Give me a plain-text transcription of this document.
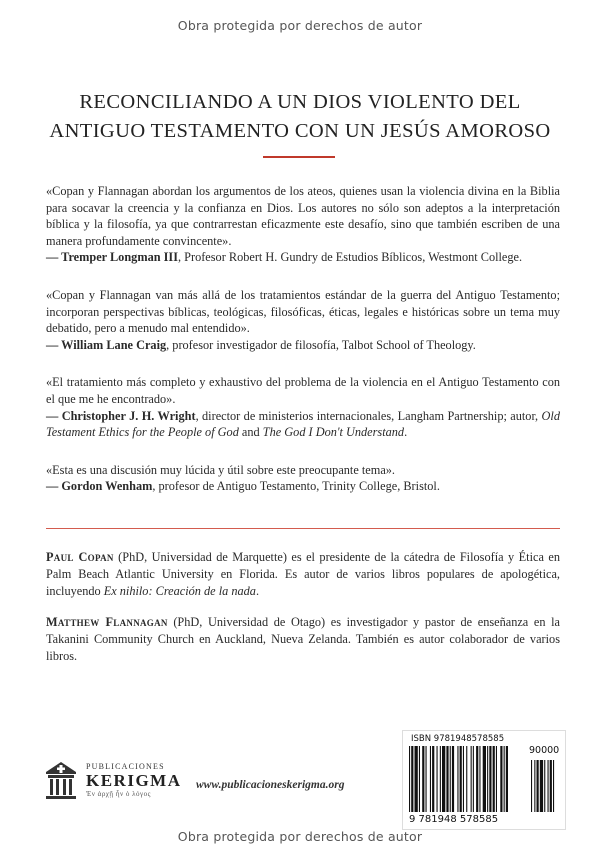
Obra protegida por derechos de autor
RECONCILIANDO A UN DIOS VIOLENTO DEL
ANTIGUO TESTAMENTO CON UN JESÚS AMOROSO

«Copan y Flannagan abordan los argumentos de los ateos, quienes usan la violencia divina en la Biblia para socavar la creencia y la confianza en Dios. Los autores no sólo son adeptos a la interpretación bíblica y la filosofía, ya que contrarrestan eficazmente este desafío, sino que también escriben de una manera profundamente convincente».

— Tremper Longman III, Profesor Robert H. Gundry de Estudios Bíblicos, Westmont College.

«Copan y Flannagan van más allá de los tratamientos estándar de la guerra del Antiguo Testamento; incorporan perspectivas bíblicas, teológicas, filosóficas, éticas, legales e históricas sobre un tema muy debatido, pero a menudo mal entendido».

— William Lane Craig, profesor investigador de filosofía, Talbot School of Theology.

«El tratamiento más completo y exhaustivo del problema de la violencia en el Antiguo Testamento con el que me he encontrado».

— Christopher J. H. Wright, director de ministerios internacionales, Langham Partnership; autor, Old Testament Ethics for the People of God and The God I Don't Understand.

«Esta es una discusión muy lúcida y útil sobre este preocupante tema».

— Gordon Wenham, profesor de Antiguo Testamento, Trinity College, Bristol.

Paul Copan (PhD, Universidad de Marquette) es el presidente de la cátedra de Filosofía y Ética en Palm Beach Atlantic University en Florida. Es autor de varios libros populares de apologética, incluyendo Ex nihilo: Creación de la nada.

Matthew Flannagan (PhD, Universidad de Otago) es investigador y pastor de enseñanza en la Takanini Community Church en Auckland, Nueva Zelanda. También es autor colaborador de varios libros.

PUBLICACIONES

KERIGMA

Ἐν ἀρχῇ ἦν ὁ λόγος

www.publicacioneskerigma.org
ISBN 9781948578585
90000
9 781948 578585
Obra protegida por derechos de autor
